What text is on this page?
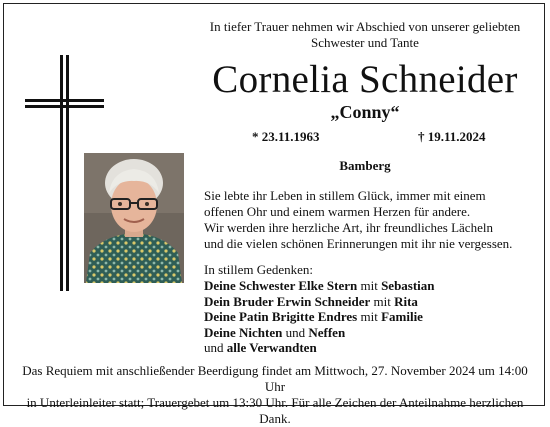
In tiefer Trauer nehmen wir Abschied von unserer geliebten
Schwester und Tante
Cornelia Schneider
„Conny“
* 23.11.1963	† 19.11.2024
Bamberg
Sie lebte ihr Leben in stillem Glück, immer mit einem
offenen Ohr und einem warmen Herzen für andere.
Wir werden ihre herzliche Art, ihr freundliches Lächeln
und die vielen schönen Erinnerungen mit ihr nie vergessen.
In stillem Gedenken:
Deine Schwester Elke Stern mit Sebastian
Dein Bruder Erwin Schneider mit Rita
Deine Patin Brigitte Endres mit Familie
Deine Nichten und Neffen
und alle Verwandten
Das Requiem mit anschließender Beerdigung findet am Mittwoch, 27. November 2024 um 14:00 Uhr
in Unterleinleiter statt; Trauergebet um 13:30 Uhr. Für alle Zeichen der Anteilnahme herzlichen Dank.
